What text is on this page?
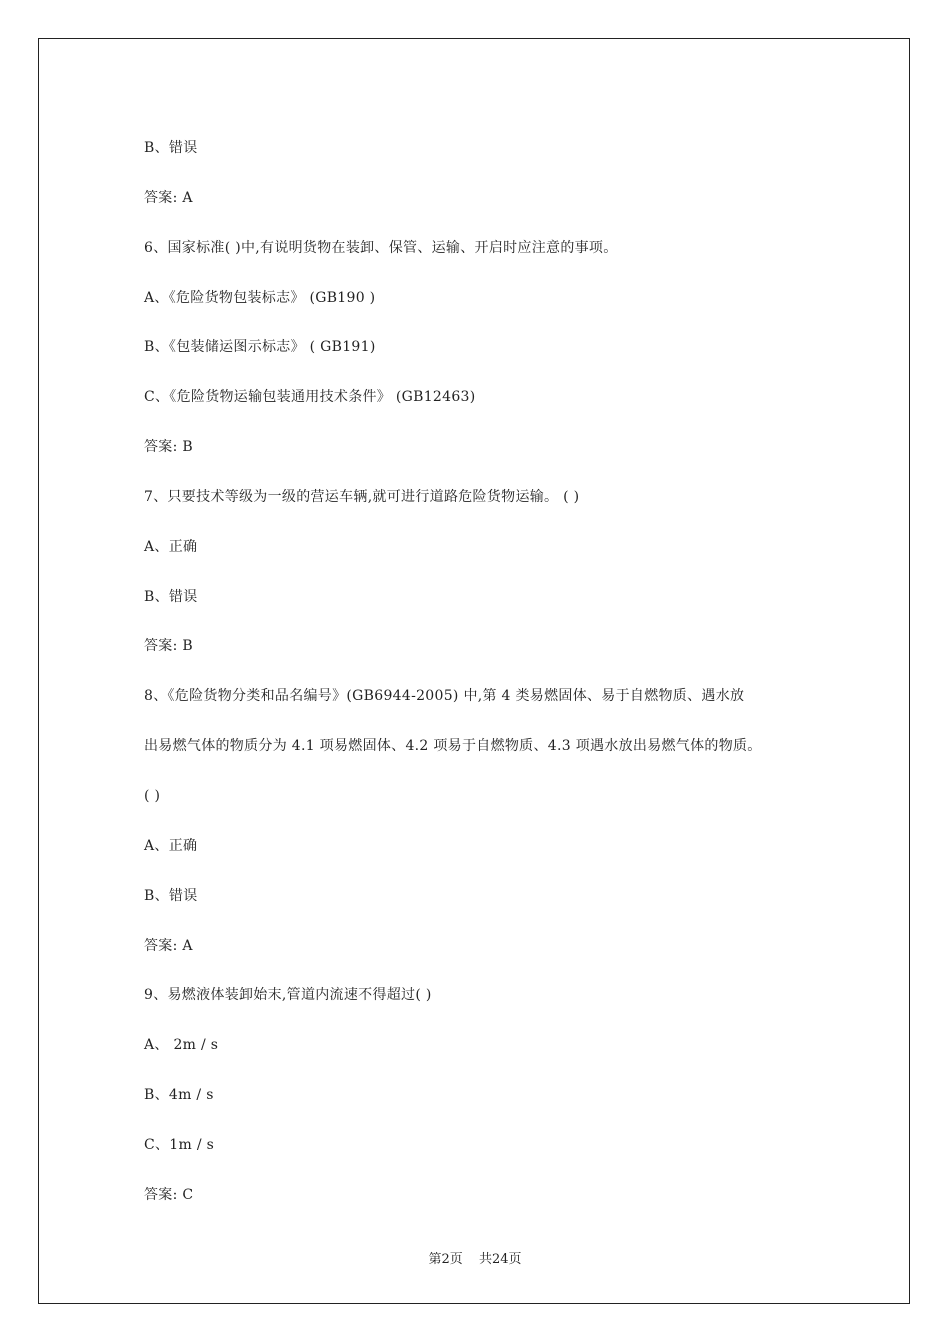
B、错误
答案: A
6、国家标准( )中,有说明货物在装卸、保管、运输、开启时应注意的事项。
A、《危险货物包装标志》 (GB190 )
B、《包装储运图示标志》 ( GB191)
C、《危险货物运输包装通用技术条件》 (GB12463)
答案: B
7、只要技术等级为一级的营运车辆,就可进行道路危险货物运输。 ( )
A、正确
B、错误
答案: B
8、《危险货物分类和品名编号》(GB6944-2005) 中,第 4 类易燃固体、易于自燃物质、遇水放
出易燃气体的物质分为 4.1 项易燃固体、4.2 项易于自燃物质、4.3 项遇水放出易燃气体的物质。
( )
A、正确
B、错误
答案: A
9、易燃液体装卸始末,管道内流速不得超过( )
A、 2m / s
B、4m / s
C、1m / s
答案: C
第2页 共24页
